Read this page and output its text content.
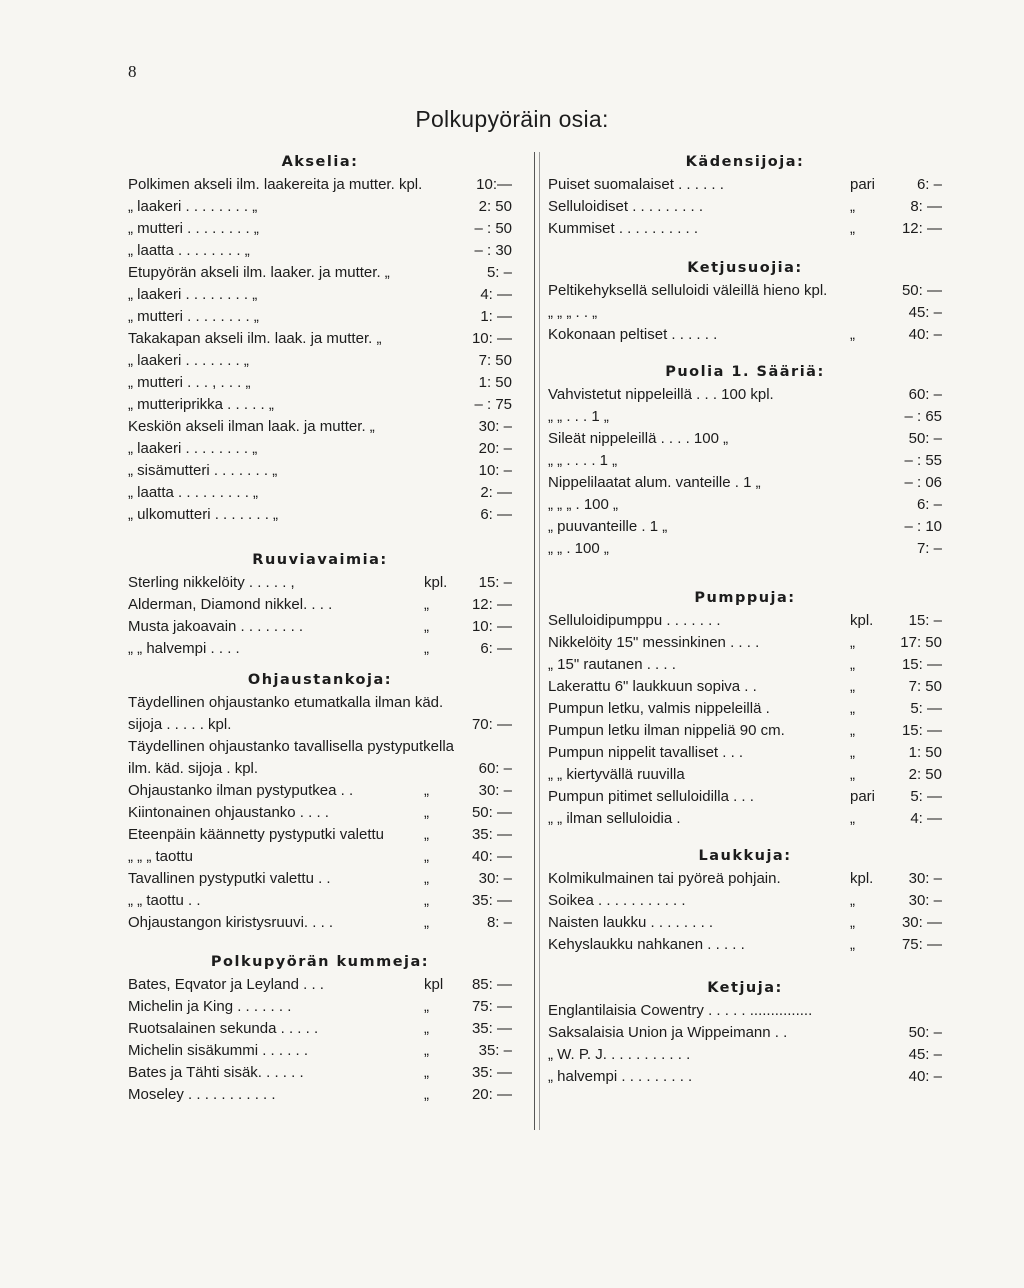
8
Polkupyöräin osia:
Akselia:
Polkimen akseli ilm. laakereita ja mutter. kpl.	10:—
„ laakeri . . . . . . . . „	2: 50
„ mutteri . . . . . . . . „	– : 50
„ laatta . . . . . . . . „	– : 30
Etupyörän akseli ilm. laaker. ja mutter. „	5: –
„ laakeri . . . . . . . . „	4: —
„ mutteri . . . . . . . . „	1: —
Takakapan akseli ilm. laak. ja mutter. „	10: —
„ laakeri . . . . . . . „	7: 50
„ mutteri . . . , . . . „	1: 50
„ mutteriprikka . . . . . „	– : 75
Keskiön akseli ilman laak. ja mutter. „	30: –
„ laakeri . . . . . . . . „	20: –
„ sisämutteri . . . . . . . „	10: –
„ laatta . . . . . . . . . „	2: —
„ ulkomutteri . . . . . . . „	6: —
Ruuviavaimia:
Sterling nikkelöity . . . . . ,	kpl. 15: –
Alderman, Diamond nikkel. . . .	„	12: —
Musta jakoavain . . . . . . . .	„	10: —
„ „ halvempi . . . .	„	6: —
Ohjaustankoja:
Täydellinen ohjaustanko etumatkalla ilman käd. sijoja . . . . . kpl.	70: —
Täydellinen ohjaustanko tavallisella pystyputkella ilm. käd. sijoja . kpl.	60: –
Ohjaustanko ilman pystyputkea . .	„	30: –
Kiintonainen ohjaustanko . . . .	„	50: —
Eteenpäin käännetty pystyputki valettu	„	35: —
„ „ „ taottu	„	40: —
Tavallinen pystyputki valettu . .	„	30: –
„ „ taottu . .	„	35: —
Ohjaustangon kiristysruuvi. . . .	„	8: –
Polkupyörän kummeja:
Bates, Eqvator ja Leyland . . .	kpl 85: —
Michelin ja King . . . . . . .	„	75: —
Ruotsalainen sekunda . . . . .	„	35: —
Michelin sisäkummi . . . . . .	„	35: –
Bates ja Tähti sisäk. . . . . .	„	35: —
Moseley . . . . . . . . . . .	„	20: —
Kädensijoja:
Puiset suomalaiset . . . . . .	pari	6: –
Selluloidiset . . . . . . . . .	„	8: —
Kummiset . . . . . . . . . .	„	12: —
Ketjusuojia:
Peltikehyksellä selluloidi väleillä hieno kpl.	50: —
„ „ „ . . „	45: –
Kokonaan peltiset . . . . . .	„	40: –
Puolia 1. Sääriä:
Vahvistetut nippeleillä . . . 100 kpl.	60: –
„ „ . . . 1 „	– : 65
Sileät nippeleillä . . . . 100 „	50: –
„ „ . . . . 1 „	– : 55
Nippelilaatat alum. vanteille . 1 „	– : 06
„ „ „ . 100 „	6: –
„ puuvanteille . 1 „	– : 10
„ „ . 100 „	7: –
Pumppuja:
Selluloidipumppu . . . . . . .	kpl. 15: –
Nikkelöity 15" messinkinen . . . .	„	17: 50
„ 15" rautanen . . . .	„	15: —
Lakerattu 6" laukkuun sopiva . .	„	7: 50
Pumpun letku, valmis nippeleillä .	„	5: —
Pumpun letku ilman nippeliä 90 cm.	„	15: —
Pumpun nippelit tavalliset . . .	„	1: 50
„ „ kiertyvällä ruuvilla	„	2: 50
Pumpun pitimet selluloidilla . . .	pari 5: —
„ „ ilman selluloidia .	„	4: —
Laukkuja:
Kolmikulmainen tai pyöreä pohjain.	kpl. 30: –
Soikea . . . . . . . . . . .	„	30: –
Naisten laukku . . . . . . . .	„	30: —
Kehyslaukku nahkanen . . . . .	„	75: —
Ketjuja:
Englantilaisia Cowentry . . . . . ...............
Saksalaisia Union ja Wippeimann . .	50: –
„ W. P. J. . . . . . . . . . .	45: –
„ halvempi . . . . . . . . .	40: –
